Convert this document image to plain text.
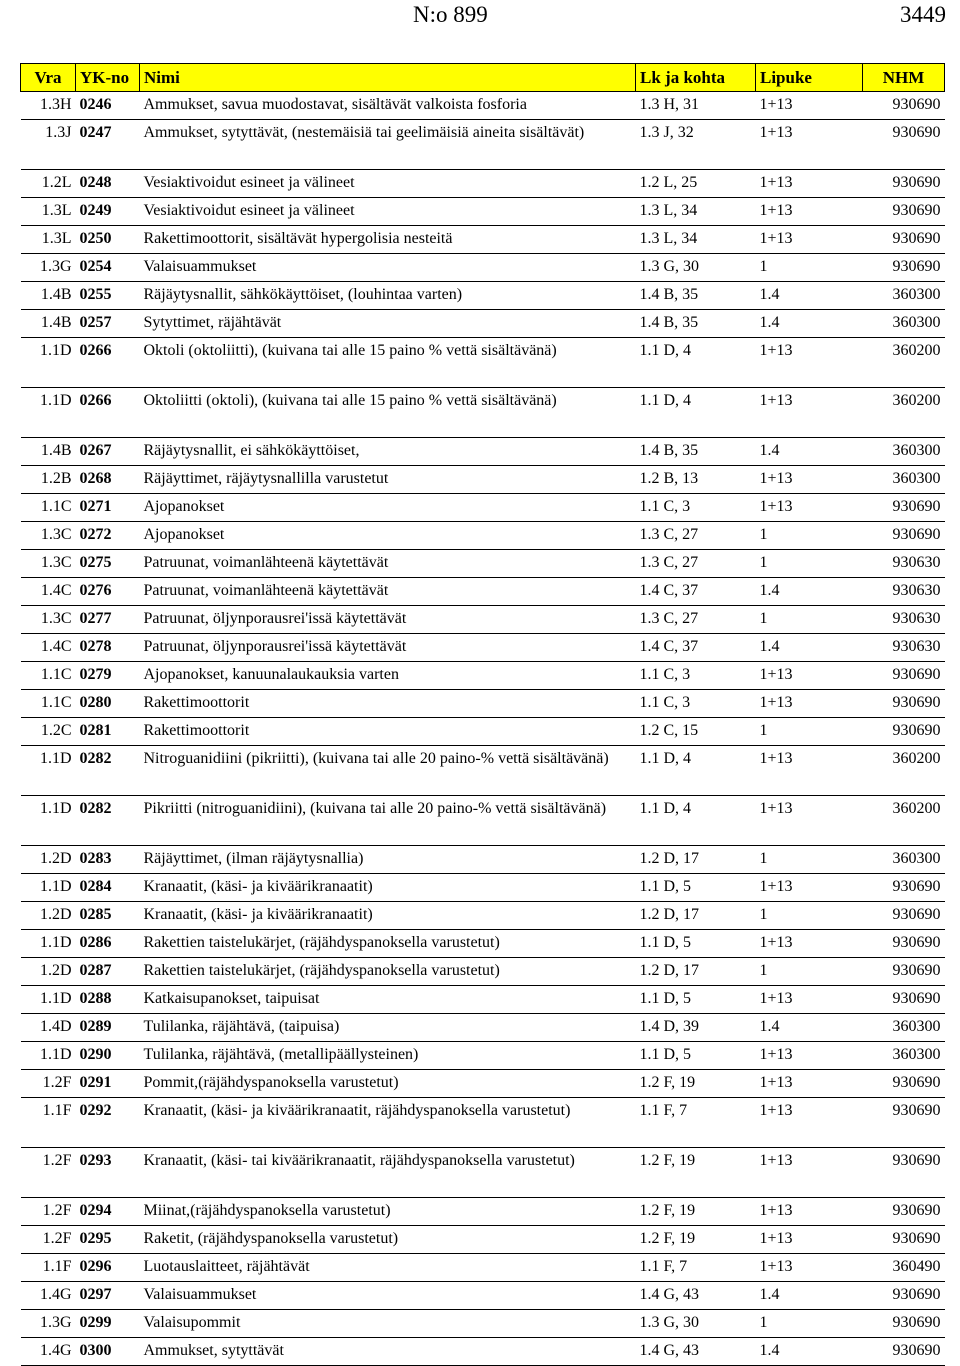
N:o 899	3449
Vra	YK-no	Nimi	Lk ja kohta	Lipuke	NHM
1.3H	0246	Ammukset, savua muodostavat, sisältävät valkoista fosforia	1.3 H, 31	1+13	930690
1.3J	0247	Ammukset, sytyttävät, (nestemäisiä tai geelimäisiä aineita sisältävät)	1.3 J, 32	1+13	930690
1.2L	0248	Vesiaktivoidut esineet ja välineet	1.2 L, 25	1+13	930690
1.3L	0249	Vesiaktivoidut esineet ja välineet	1.3 L, 34	1+13	930690
1.3L	0250	Rakettimoottorit, sisältävät hypergolisia nesteitä	1.3 L, 34	1+13	930690
1.3G	0254	Valaisuammukset	1.3 G, 30	1	930690
1.4B	0255	Räjäytysnallit, sähkökäyttöiset, (louhintaa varten)	1.4 B, 35	1.4	360300
1.4B	0257	Sytyttimet, räjähtävät	1.4 B, 35	1.4	360300
1.1D	0266	Oktoli (oktoliitti), (kuivana tai alle 15 paino % vettä sisältävänä)	1.1 D, 4	1+13	360200
1.1D	0266	Oktoliitti (oktoli), (kuivana tai alle 15 paino % vettä sisältävänä)	1.1 D, 4	1+13	360200
1.4B	0267	Räjäytysnallit, ei sähkökäyttöiset,	1.4 B, 35	1.4	360300
1.2B	0268	Räjäyttimet, räjäytysnallilla varustetut	1.2 B, 13	1+13	360300
1.1C	0271	Ajopanokset	1.1 C, 3	1+13	930690
1.3C	0272	Ajopanokset	1.3 C, 27	1	930690
1.3C	0275	Patruunat, voimanlähteenä käytettävät	1.3 C, 27	1	930630
1.4C	0276	Patruunat, voimanlähteenä käytettävät	1.4 C, 37	1.4	930630
1.3C	0277	Patruunat, öljynporausrei'issä käytettävät	1.3 C, 27	1	930630
1.4C	0278	Patruunat, öljynporausrei'issä käytettävät	1.4 C, 37	1.4	930630
1.1C	0279	Ajopanokset, kanuunalaukauksia varten	1.1 C, 3	1+13	930690
1.1C	0280	Rakettimoottorit	1.1 C, 3	1+13	930690
1.2C	0281	Rakettimoottorit	1.2 C, 15	1	930690
1.1D	0282	Nitroguanidiini (pikriitti), (kuivana tai alle 20 paino-% vettä sisältävänä)	1.1 D, 4	1+13	360200
1.1D	0282	Pikriitti (nitroguanidiini), (kuivana tai alle 20 paino-% vettä sisältävänä)	1.1 D, 4	1+13	360200
1.2D	0283	Räjäyttimet, (ilman räjäytysnallia)	1.2 D, 17	1	360300
1.1D	0284	Kranaatit, (käsi- ja kiväärikranaatit)	1.1 D, 5	1+13	930690
1.2D	0285	Kranaatit, (käsi- ja kiväärikranaatit)	1.2 D, 17	1	930690
1.1D	0286	Rakettien taistelukärjet, (räjähdyspanoksella varustetut)	1.1 D, 5	1+13	930690
1.2D	0287	Rakettien taistelukärjet, (räjähdyspanoksella varustetut)	1.2 D, 17	1	930690
1.1D	0288	Katkaisupanokset, taipuisat	1.1 D, 5	1+13	930690
1.4D	0289	Tulilanka, räjähtävä, (taipuisa)	1.4 D, 39	1.4	360300
1.1D	0290	Tulilanka, räjähtävä, (metallipäällysteinen)	1.1 D, 5	1+13	360300
1.2F	0291	Pommit,(räjähdyspanoksella varustetut)	1.2 F, 19	1+13	930690
1.1F	0292	Kranaatit, (käsi- ja kiväärikranaatit, räjähdyspanoksella varustetut)	1.1 F, 7	1+13	930690
1.2F	0293	Kranaatit, (käsi- tai kiväärikranaatit, räjähdyspanoksella varustetut)	1.2 F, 19	1+13	930690
1.2F	0294	Miinat,(räjähdyspanoksella varustetut)	1.2 F, 19	1+13	930690
1.2F	0295	Raketit, (räjähdyspanoksella varustetut)	1.2 F, 19	1+13	930690
1.1F	0296	Luotauslaitteet, räjähtävät	1.1 F, 7	1+13	360490
1.4G	0297	Valaisuammukset	1.4 G, 43	1.4	930690
1.3G	0299	Valaisupommit	1.3 G, 30	1	930690
1.4G	0300	Ammukset, sytyttävät	1.4 G, 43	1.4	930690
